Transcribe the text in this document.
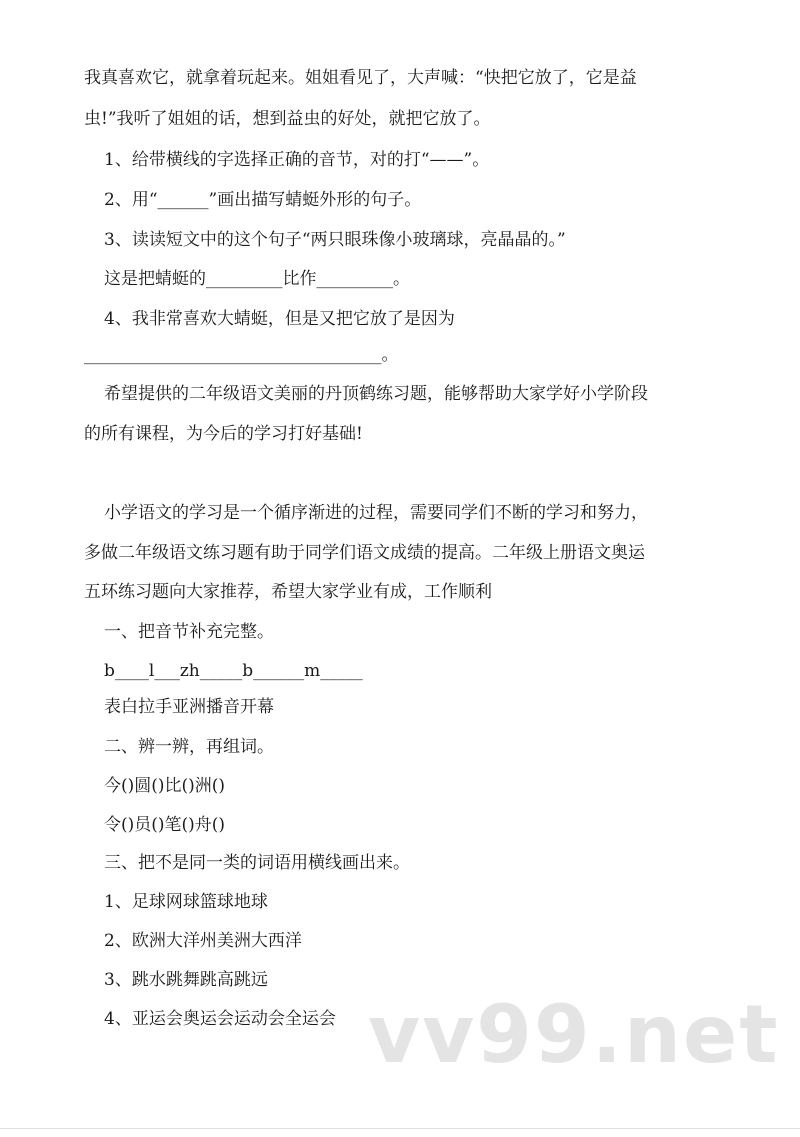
我真喜欢它，就拿着玩起来。姐姐看见了，大声喊：“快把它放了，它是益
虫!”我听了姐姐的话，想到益虫的好处，就把它放了。
1、给带横线的字选择正确的音节，对的打“——”。
2、用“______”画出描写蜻蜓外形的句子。
3、读读短文中的这个句子“两只眼珠像小玻璃球，亮晶晶的。”
这是把蜻蜓的_________比作_________。
4、我非常喜欢大蜻蜓，但是又把它放了是因为
___________________________________。
希望提供的二年级语文美丽的丹顶鹤练习题，能够帮助大家学好小学阶段
的所有课程，为今后的学习打好基础!
小学语文的学习是一个循序渐进的过程，需要同学们不断的学习和努力，
多做二年级语文练习题有助于同学们语文成绩的提高。二年级上册语文奥运
五环练习题向大家推荐，希望大家学业有成，工作顺利
一、把音节补充完整。
b____l___zh_____b______m_____
表白拉手亚洲播音开幕
二、辨一辨，再组词。
今()圆()比()洲()
令()员()笔()舟()
三、把不是同一类的词语用横线画出来。
1、足球网球篮球地球
2、欧洲大洋州美洲大西洋
3、跳水跳舞跳高跳远
4、亚运会奥运会运动会全运会 vv99.net
